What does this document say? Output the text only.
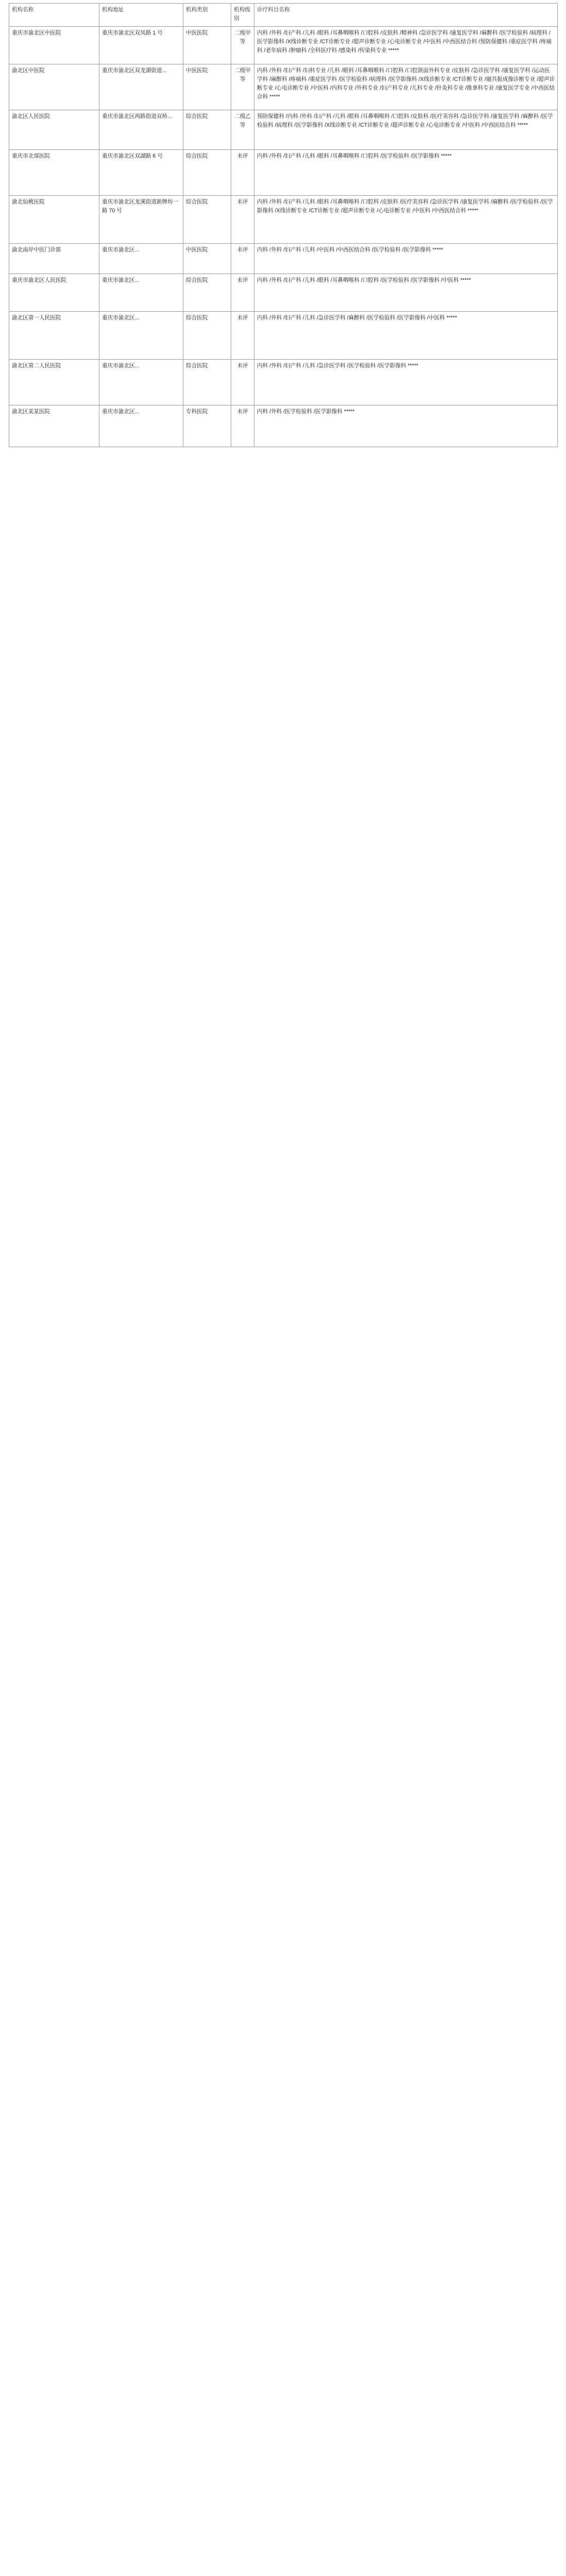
机构名称	机构地址	机构类别	机构级别	诊疗科目名称
重庆市渝北区中医院	重庆市渝北区双凤路 1 号	中医医院	二级甲等	内科 /外科 /妇产科 /儿科 /眼科 /耳鼻咽喉科 /口腔科 /皮肤科 /精神科 /急诊医学科 /康复医学科 /麻醉科 /医学检验科 /病理科 /医学影像科 /X线诊断专业 /CT诊断专业 /超声诊断专业 /心电诊断专业 /中医科 /中西医结合科 /预防保健科 /重症医学科 /疼痛科 /老年病科 /肿瘤科 /全科医疗科 /感染科 /传染科专业 *****
渝北区中医院	重庆市渝北区双龙湖街道...	中医医院	二级甲等	内科 /外科 /妇产科 /妇科专业 /儿科 /眼科 /耳鼻咽喉科 /口腔科 /口腔颌面外科专业 /皮肤科 /急诊医学科 /康复医学科 /运动医学科 /麻醉科 /疼痛科 /重症医学科 /医学检验科 /病理科 /医学影像科 /X线诊断专业 /CT诊断专业 /磁共振成像诊断专业 /超声诊断专业 /心电诊断专业 /中医科 /内科专业 /外科专业 /妇产科专业 /儿科专业 /针灸科专业 /推拿科专业 /康复医学专业 /中西医结合科 *****
渝北区人民医院	重庆市渝北区两路街道双桥...	综合医院	二级乙等	预防保健科 /内科 /外科 /妇产科 /儿科 /眼科 /耳鼻咽喉科 /口腔科 /皮肤科 /医疗美容科 /急诊医学科 /康复医学科 /麻醉科 /医学检验科 /病理科 /医学影像科 /X线诊断专业 /CT诊断专业 /超声诊断专业 /心电诊断专业 /中医科 /中西医结合科 *****
重庆市北部医院	重庆市渝北区双湖路 6 号	综合医院	未评	内科 /外科 /妇产科 /儿科 /眼科 /耳鼻咽喉科 /口腔科 /医学检验科 /医学影像科 *****
渝北仙桃医院	重庆市渝北区龙溪街道新牌坊一路 70 号	综合医院	未评	内科 /外科 /妇产科 /儿科 /眼科 /耳鼻咽喉科 /口腔科 /皮肤科 /医疗美容科 /急诊医学科 /康复医学科 /麻醉科 /医学检验科 /医学影像科 /X线诊断专业 /CT诊断专业 /超声诊断专业 /心电诊断专业 /中医科 /中西医结合科 *****
渝北南岸中医门诊部	重庆市渝北区...	中医医院	未评	内科 /外科 /妇产科 /儿科 /中医科 /中西医结合科 /医学检验科 /医学影像科 *****
重庆市渝北区人民医院	重庆市渝北区...	综合医院	未评	内科 /外科 /妇产科 /儿科 /眼科 /耳鼻咽喉科 /口腔科 /医学检验科 /医学影像科 /中医科 *****
渝北区第一人民医院	重庆市渝北区...	综合医院	未评	内科 /外科 /妇产科 /儿科 /急诊医学科 /麻醉科 /医学检验科 /医学影像科 /中医科 *****
渝北区第二人民医院	重庆市渝北区...	综合医院	未评	内科 /外科 /妇产科 /儿科 /急诊医学科 /医学检验科 /医学影像科 *****
渝北区某某医院	重庆市渝北区...	专科医院	未评	内科 /外科 /医学检验科 /医学影像科 *****
